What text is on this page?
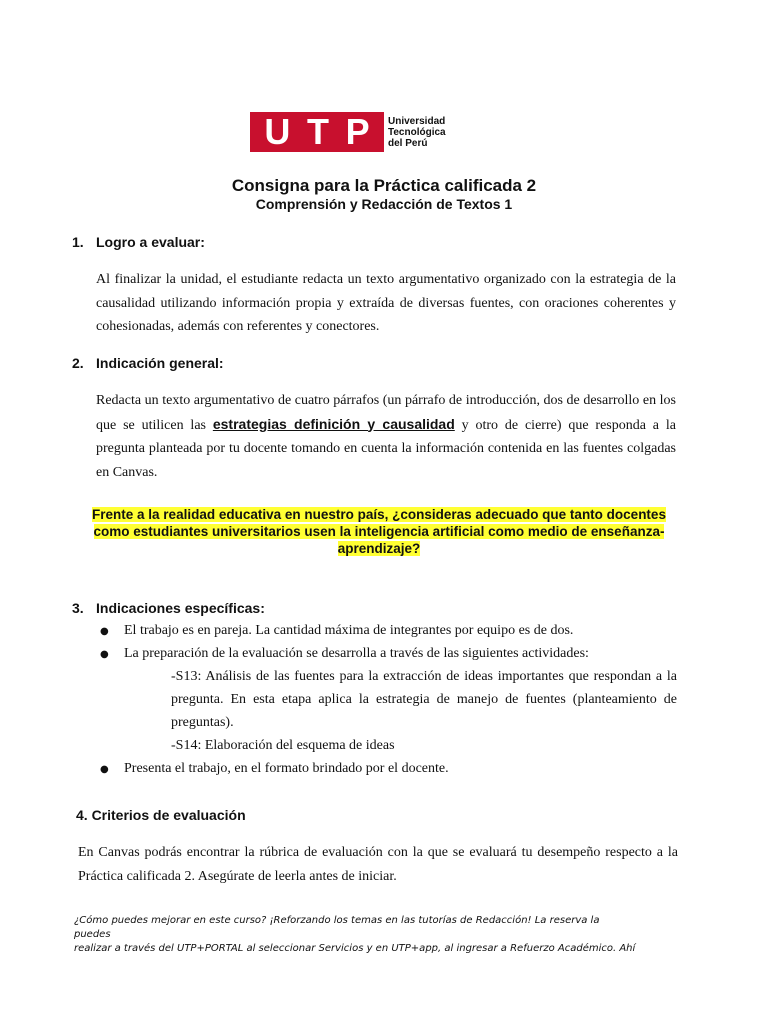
U T P Universidad
Tecnológica
del Perú
Consigna para la Práctica calificada 2
Comprensión y Redacción de Textos 1
1. Logro a evaluar:
Al finalizar la unidad, el estudiante redacta un texto argumentativo organizado con la estrategia de la causalidad utilizando información propia y extraída de diversas fuentes, con oraciones coherentes y cohesionadas, además con referentes y conectores.
2. Indicación general:
Redacta un texto argumentativo de cuatro párrafos (un párrafo de introducción, dos de desarrollo en los que se utilicen las estrategias definición y causalidad y otro de cierre) que responda a la pregunta planteada por tu docente tomando en cuenta la información contenida en las fuentes colgadas en Canvas.
Frente a la realidad educativa en nuestro país, ¿consideras adecuado que tanto docentes como estudiantes universitarios usen la inteligencia artificial como medio de enseñanza-aprendizaje?
3. Indicaciones específicas:
● El trabajo es en pareja. La cantidad máxima de integrantes por equipo es de dos.
● La preparación de la evaluación se desarrolla a través de las siguientes actividades:
-S13: Análisis de las fuentes para la extracción de ideas importantes que respondan a la pregunta. En esta etapa aplica la estrategia de manejo de fuentes (planteamiento de preguntas).
-S14: Elaboración del esquema de ideas
● Presenta el trabajo, en el formato brindado por el docente.
4. Criterios de evaluación
En Canvas podrás encontrar la rúbrica de evaluación con la que se evaluará tu desempeño respecto a la Práctica calificada 2. Asegúrate de leerla antes de iniciar.
¿Cómo puedes mejorar en este curso? ¡Reforzando los temas en las tutorías de Redacción! La reserva la
puedes
realizar a través del UTP+PORTAL al seleccionar Servicios y en UTP+app, al ingresar a Refuerzo Académico. Ahí
